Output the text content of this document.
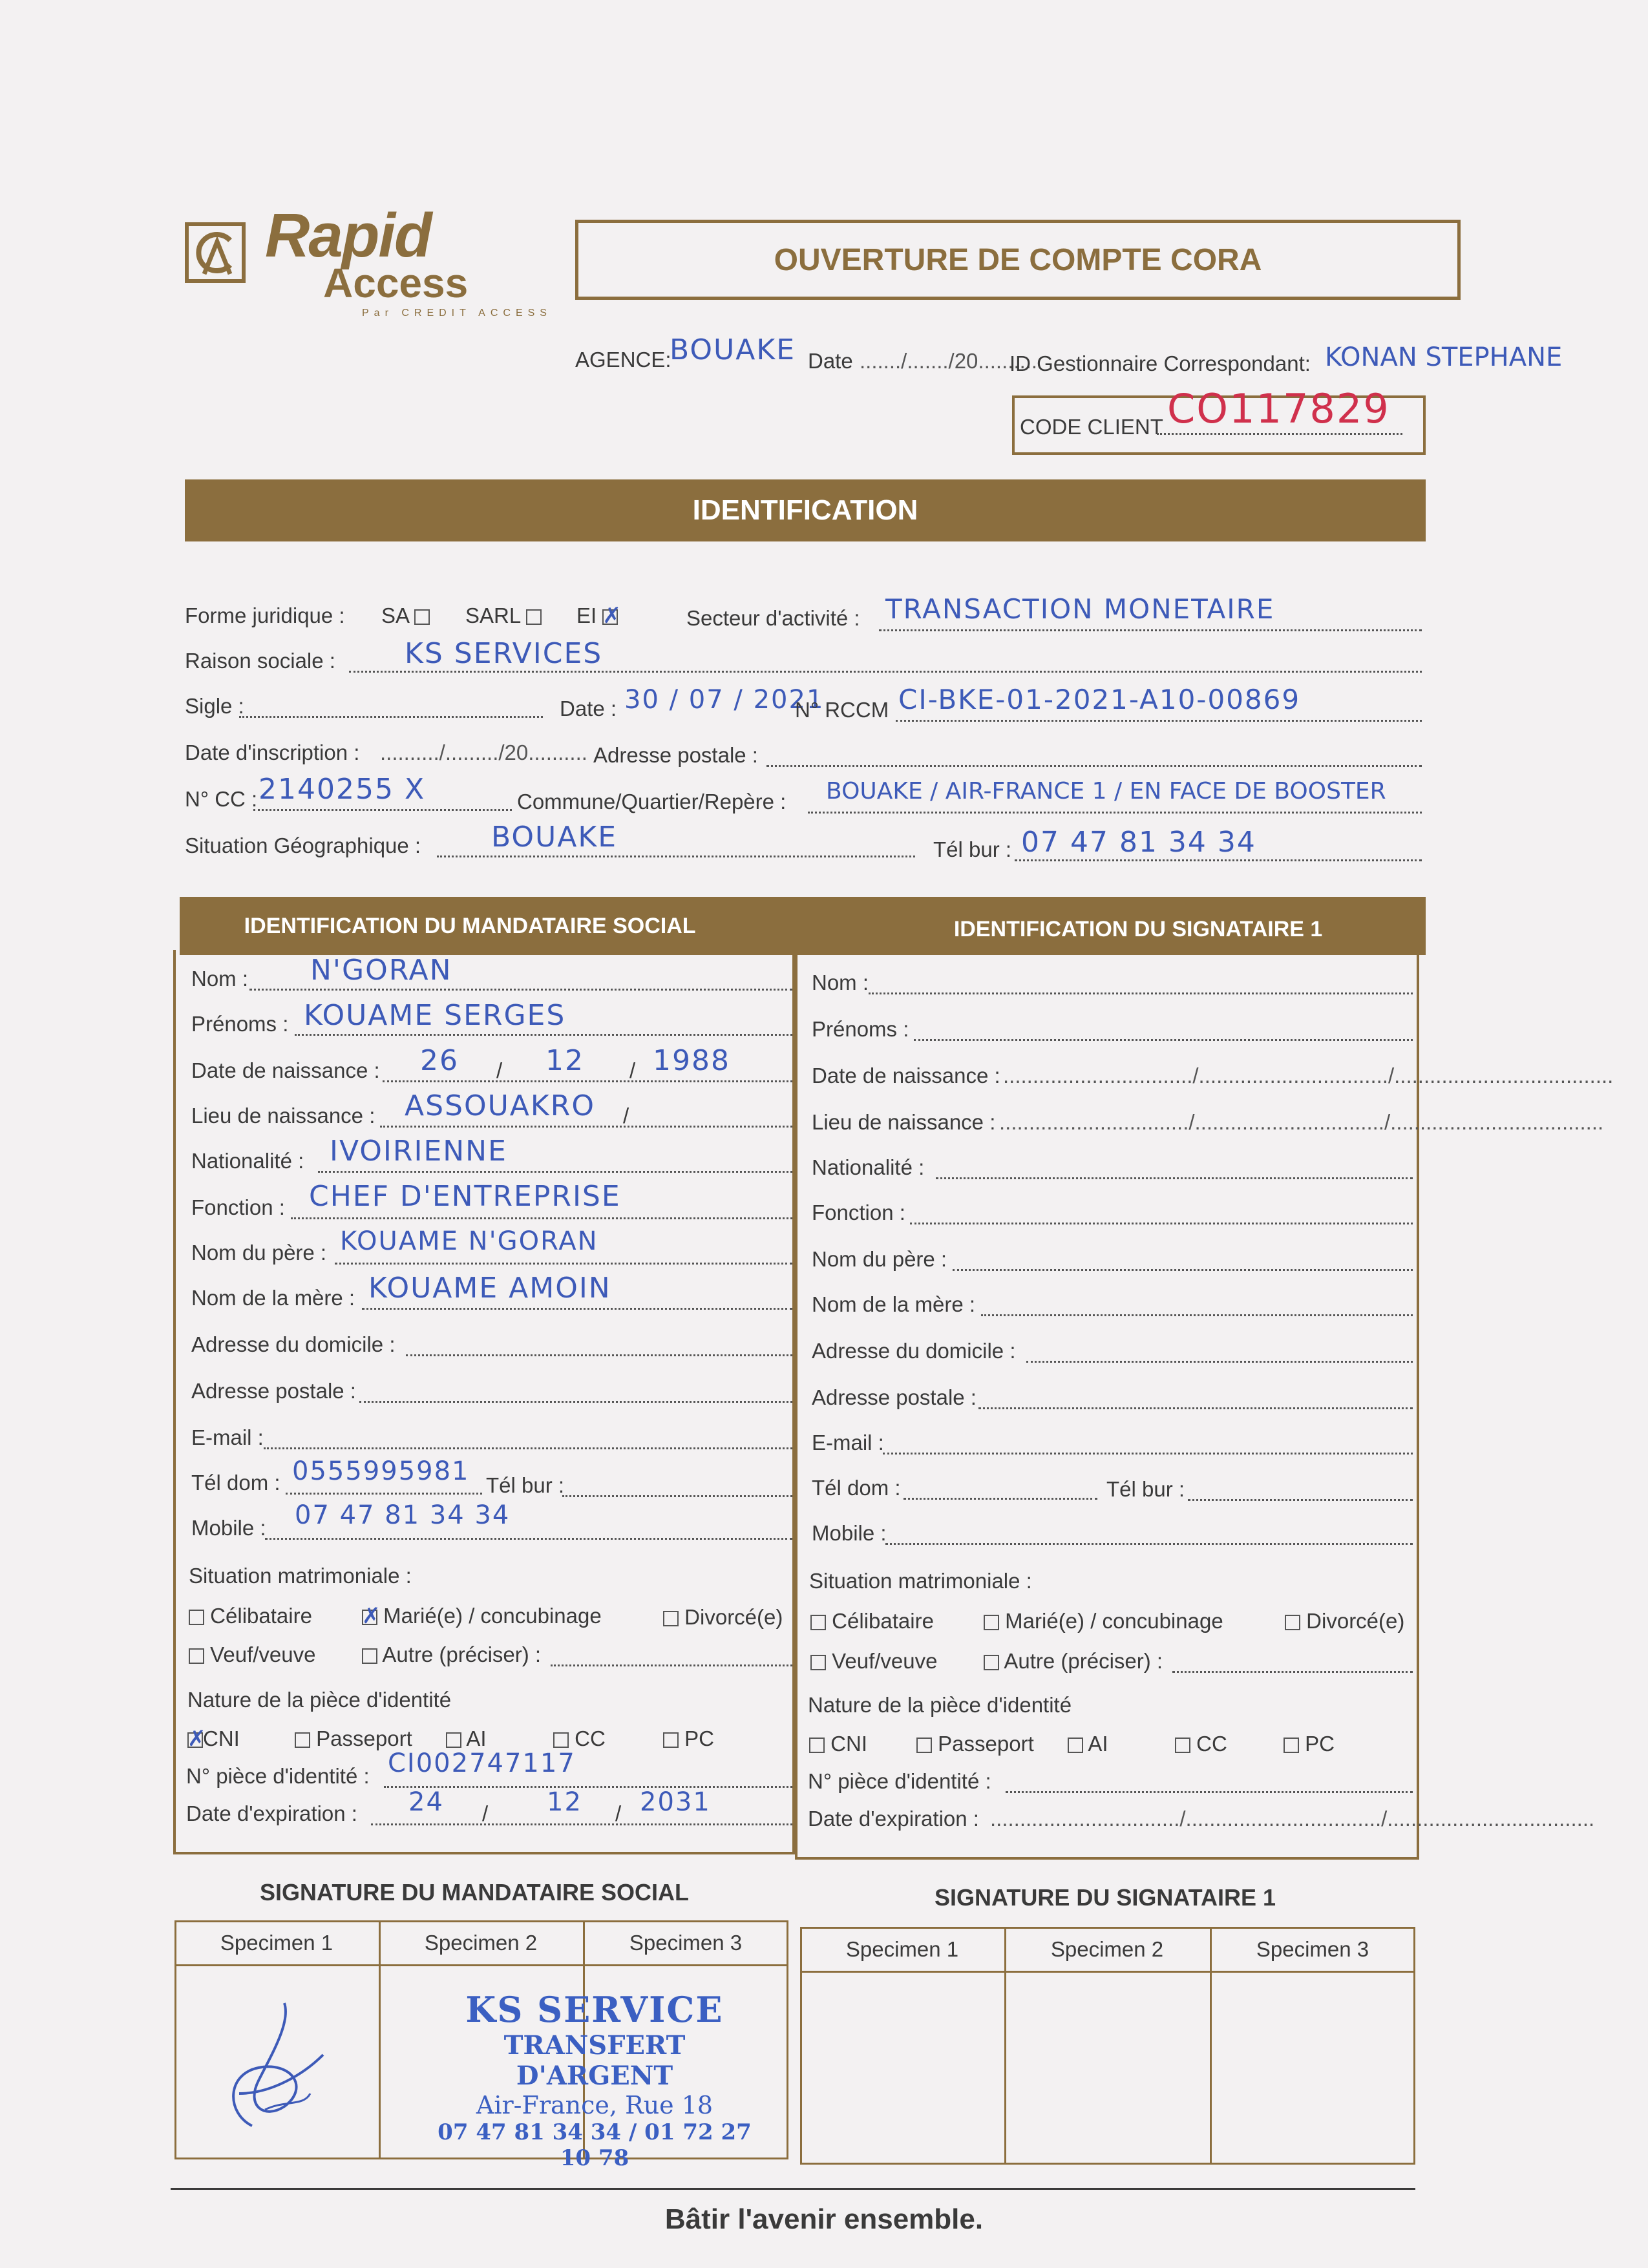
Rapid
Access
Par CREDIT ACCESS
OUVERTURE DE COMPTE CORA
AGENCE:
BOUAKE Date ......./......./20..........
ID Gestionnaire Correspondant: KONAN STEPHANE
CODE CLIENT CO117829
IDENTIFICATION
Forme juridique : SA	SARL	EI ✗	Secteur d'activité : TRANSACTION MONETAIRE
Raison sociale : KS SERVICES
Sigle :	Date : 30 / 07 / 2021
N° RCCM CI-BKE-01-2021-A10-00869
Date d'inscription : ........../........./20.......... Adresse postale :
N° CC : 2140255 X	Commune/Quartier/Repère : BOUAKE / AIR-FRANCE 1 / EN FACE DE BOOSTER
Situation Géographique : BOUAKE	Tél bur : 07 47 81 34 34
IDENTIFICATION DU MANDATAIRE SOCIAL	IDENTIFICATION DU SIGNATAIRE 1
Nom : N'GORAN
Prénoms : KOUAME SERGES
Date de naissance : 26 / 12 / 1988
Lieu de naissance : ASSOUAKRO /
Nationalité : IVOIRIENNE
Fonction : CHEF D'ENTREPRISE
Nom du père : KOUAME N'GORAN
Nom de la mère : KOUAME AMOIN
Adresse du domicile :
Adresse postale :
E-mail :
Tél dom : 0555995981 Tél bur :
Mobile : 07 47 81 34 34
Situation matrimoniale :
Célibataire ✗	Marié(e) / concubinage	Divorcé(e)
Veuf/veuve	Autre (préciser) :
Nature de la pièce d'identité
✗CNI	Passeport	AI	CC	PC
N° pièce d'identité : CI002747117
Date d'expiration : 24 / 12 / 2031
Nom :
Prénoms :
Date de naissance : ................................/................................/.....................................
Lieu de naissance : ................................/................................/....................................
Nationalité :
Fonction :
Nom du père :
Nom de la mère :
Adresse du domicile :
Adresse postale :
E-mail :
Tél dom :	Tél bur :
Mobile :
Situation matrimoniale :
Célibataire	Marié(e) / concubinage	Divorcé(e)
Veuf/veuve	Autre (préciser) :
Nature de la pièce d'identité
CNI	Passeport	AI	CC	PC
N° pièce d'identité :
Date d'expiration : ................................/................................./...................................
SIGNATURE DU MANDATAIRE SOCIAL	SIGNATURE DU SIGNATAIRE 1
Specimen 1	Specimen 2	Specimen 3
KS SERVICE
TRANSFERT D'ARGENT
Air-France, Rue 18
07 47 81 34 34 / 01 72 27 10 78
Specimen 1	Specimen 2	Specimen 3
Bâtir l'avenir ensemble.
